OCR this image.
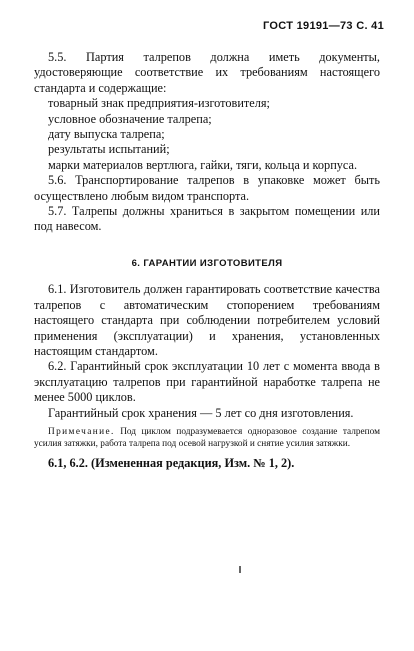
ГОСТ 19191—73 С. 41

5.5. Партия талрепов должна иметь документы, удостоверяющие соответствие их требованиям настоящего стандарта и содержащие:

товарный знак предприятия-изготовителя;
условное обозначение талрепа;
дату выпуска талрепа;
результаты испытаний;
марки материалов вертлюга, гайки, тяги, кольца и корпуса.

5.6. Транспортирование талрепов в упаковке может быть осуществлено любым видом транспорта.

5.7. Талрепы должны храниться в закрытом помещении или под навесом.

6. ГАРАНТИИ ИЗГОТОВИТЕЛЯ

6.1. Изготовитель должен гарантировать соответствие качества талрепов с автоматическим стопорением требованиям настоящего стандарта при соблюдении потребителем условий применения (эксплуатации) и хранения, установленных настоящим стандартом.

6.2. Гарантийный срок эксплуатации 10 лет с момента ввода в эксплуатацию талрепов при гарантийной наработке талрепа не менее 5000 циклов.

Гарантийный срок хранения — 5 лет со дня изготовления.

Примечание. Под циклом подразумевается одноразовое создание талрепом усилия затяжки, работа талрепа под осевой нагрузкой и снятие усилия затяжки.

6.1, 6.2. (Измененная редакция, Изм. № 1, 2).
